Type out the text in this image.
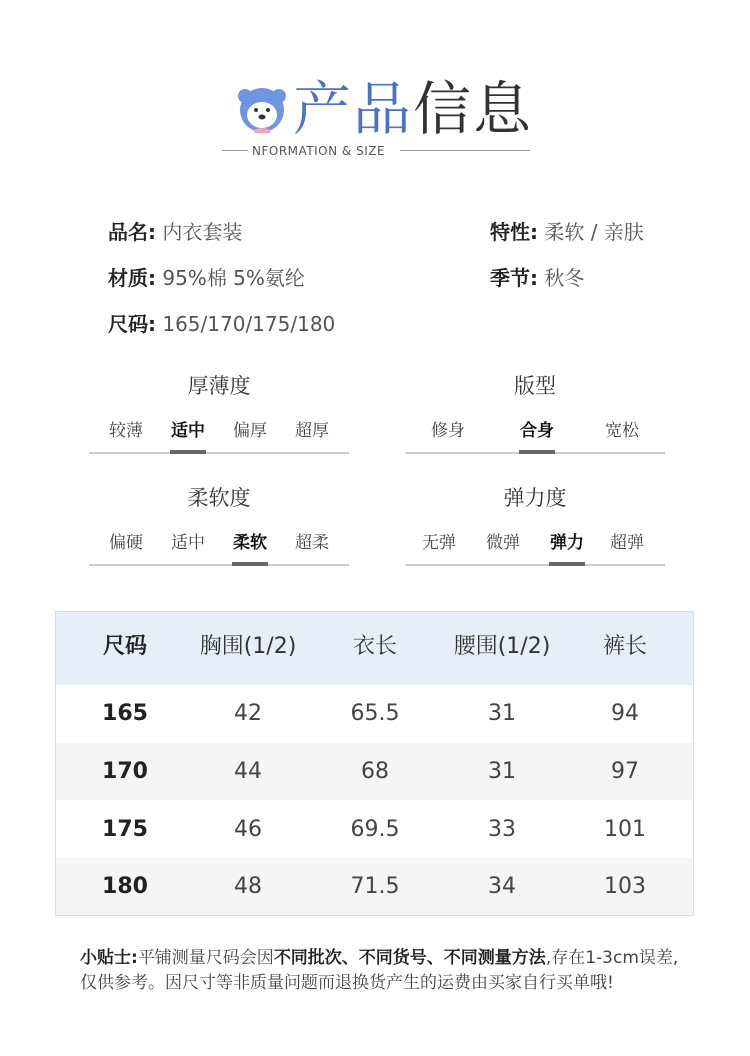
产品信息
NFORMATION & SIZE
品名: 内衣套装	特性: 柔软 / 亲肤
材质: 95%棉 5%氨纶	季节: 秋冬
尺码: 165/170/175/180
厚薄度
较薄 适中 偏厚 超厚
版型
修身	合身	宽松
柔软度
偏硬 适中 柔软 超柔
弹力度
无弹 微弹 弹力 超弹
尺码 胸围(1/2)	衣长	腰围(1/2) 裤长
165	42	65.5	31	94
170	44	68	31	97
175	46	69.5	33	101
180	48	71.5	34	103
小贴士:平铺测量尺码会因不同批次、不同货号、不同测量方法,存在1-3cm误差,仅供参考。因尺寸等非质量问题而退换货产生的运费由买家自行买单哦!
